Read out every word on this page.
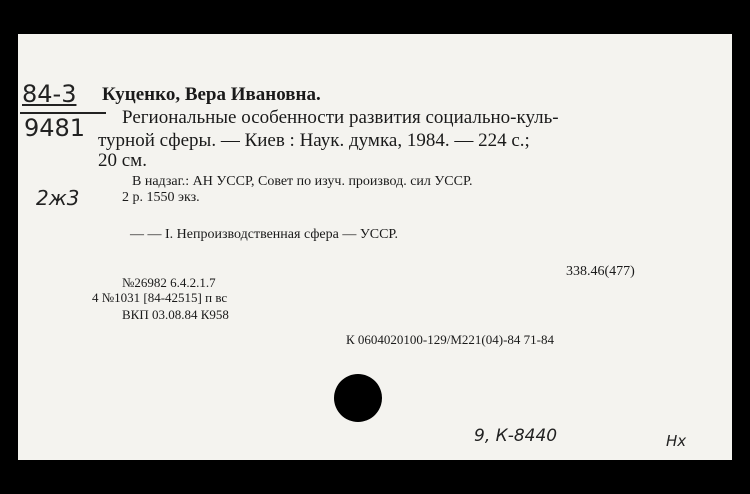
84-3
9481
2ж3
Куценко, Вера Ивановна.
Региональные особенности развития социально-куль-
турной сферы. — Киев : Наук. думка, 1984. — 224 с.;
20 см.
В надзаг.: АН УССР, Совет по изуч. производ. сил УССР.
2 р. 1550 экз.
— — I. Непроизводственная сфера — УССР.
338.46(477)
№26982 6.4.2.1.7
4 №1031 [84-42515] п вс
ВКП 03.08.84 К958
К 0604020100-129/М221(04)-84 71-84
9, К-8440	Нх
